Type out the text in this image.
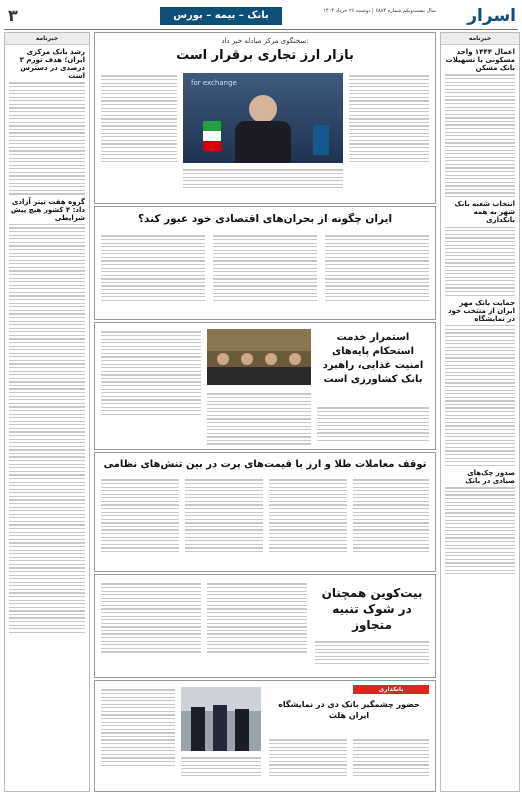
۳	بانک – بیمه – بورس	سال بیست‌ویکم شماره ۶۸۸۴ | دوشنبه ۲۶ خرداد ۱۴۰۴ اسرار
خبرنامه
رشد بانک مرکزی ایران؛ هدف تورم ۳ درصدی در دسترس است
گروه هفت تیتر آزادی داد: ۴ کشور هیچ پیش شرایطی
خبرنامه
اعمال ۱۴۴۴ واحد مسکونی با تسهیلات بانک مسکن
انتخاب شعبه بانک شهر به همه بانکداری
حمایت بانک مهر ایران از منتخب خود در نمایشگاه
صدور چک‌های صیادی در بانک
سخنگوی مرکز مبادله خبر داد:
بازار ارز تجاری برقرار است
for exchange
ایران چگونه از بحران‌های اقتصادی خود عبور کند؟
استمرار خدمت استحکام پایه‌های امنیت غذایی، راهبرد بانک کشاورزی است
توقف معاملات طلا و ارز با قیمت‌های پرت در بین تنش‌های نظامی
بیت‌کوین همچنان در شوک تنبیه متجاوز
بانکداری
حضور چشمگیر بانک دی در نمایشگاه ایران هلث
